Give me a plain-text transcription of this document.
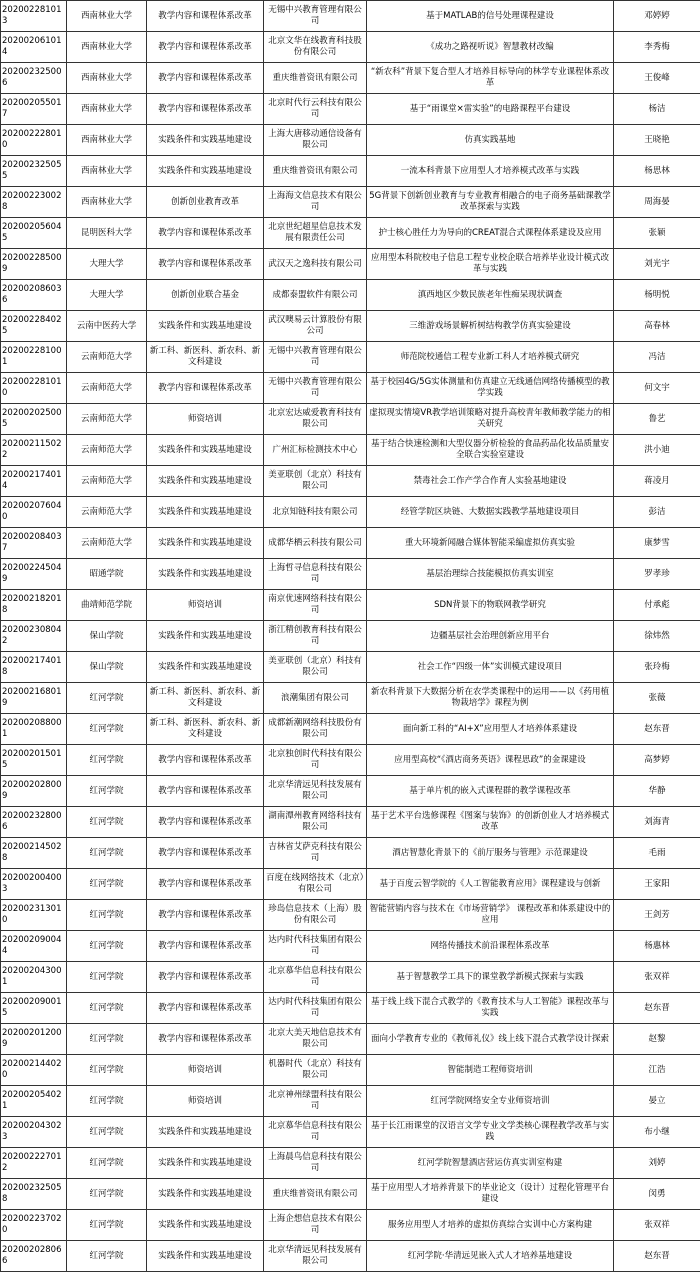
202002281013	西南林业大学	教学内容和课程体系改革	无锡中兴教育管理有限公司	基于MATLAB的信号处理课程建设	邓婷婷
202002061014	西南林业大学	教学内容和课程体系改革	北京文华在线教育科技股份有限公司	《成功之路视听说》智慧教材改编	李秀梅
202002325006	西南林业大学	教学内容和课程体系改革	重庆维普资讯有限公司	“新农科”背景下复合型人才培养目标导向的林学专业课程体系改革	王俊峰
202002055017	西南林业大学	教学内容和课程体系改革	北京时代行云科技有限公司	基于“雨课堂×雷实验”的电路课程平台建设	杨洁
202002228010	西南林业大学	实践条件和实践基地建设	上海大唐移动通信设备有限公司	仿真实践基地	王晓艳
202002325055	西南林业大学	实践条件和实践基地建设	重庆维普资讯有限公司	一流本科背景下应用型人才培养模式改革与实践	杨思林
202002230028	西南林业大学	创新创业教育改革	上海海文信息技术有限公司	5G背景下创新创业教育与专业教育相融合的电子商务基础课教学改革探索与实践	周海晏
202002056045	昆明医科大学	教学内容和课程体系改革	北京世纪超星信息技术发展有限责任公司	护士核心胜任力为导向的CREAT混合式课程体系建设及应用	张颖
202002285009	大理大学	教学内容和课程体系改革	武汉天之逸科技有限公司	应用型本科院校电子信息工程专业校企联合培养毕业设计模式改革与实践	刘光宇
202002086036	大理大学	创新创业联合基金	成都泰盟软件有限公司	滇西地区少数民族老年性痴呆现状调查	杨明悦
202002284025	云南中医药大学	实践条件和实践基地建设	武汉噢易云计算股份有限公司	三维游戏场景解析树结构教学仿真实验建设	高春林
202002281001	云南师范大学	新工科、新医科、新农科、新文科建设	无锡中兴教育管理有限公司	师范院校通信工程专业新工科人才培养模式研究	冯洁
202002281010	云南师范大学	教学内容和课程体系改革	无锡中兴教育管理有限公司	基于校园4G/5G实体测量和仿真建立无线通信网络传播模型的教学实践	何文宇
202002025005	云南师范大学	师资培训	北京宏达威爱教育科技有限公司	虚拟现实情境VR教学培训策略对提升高校青年教师教学能力的相关研究	鲁艺
202002115022	云南师范大学	实践条件和实践基地建设	广州汇标检测技术中心	基于结合快速检测和大型仪器分析检验的食品药品化妆品质量安全联合实验室建设	洪小迪
202002174014	云南师范大学	实践条件和实践基地建设	美亚联创（北京）科技有限公司	禁毒社会工作产学合作育人实验基地建设	蒋凌月
202002076040	云南师范大学	实践条件和实践基地建设	北京知链科技有限公司	经管学院区块链、大数据实践教学基地建设项目	彭洁
202002084037	云南师范大学	实践条件和实践基地建设	成都华栖云科技有限公司	重大环境新闻融合媒体智能采编虚拟仿真实验	康梦雪
202002245049	昭通学院	实践条件和实践基地建设	上海哲寻信息科技有限公司	基层治理综合技能模拟仿真实训室	罗孝珍
202002182018	曲靖师范学院	师资培训	南京优速网络科技有限公司	SDN背景下的物联网教学研究	付承彪
202002308042	保山学院	实践条件和实践基地建设	浙江精创教育科技有限公司	边疆基层社会治理创新应用平台	徐炜然
202002174018	保山学院	实践条件和实践基地建设	美亚联创（北京）科技有限公司	社会工作“四级一体”实训模式建设项目	张玲梅
202002168019	红河学院	新工科、新医科、新农科、新文科建设	浪潮集团有限公司	新农科背景下大数据分析在农学类课程中的运用——以《药用植物栽培学》课程为例	张薇
202002088001	红河学院	新工科、新医科、新农科、新文科建设	成都新潮网络科技股份有限公司	面向新工科的“AI+X”应用型人才培养体系建设	赵东晋
202002015015	红河学院	教学内容和课程体系改革	北京独创时代科技有限公司	应用型高校“《酒店商务英语》课程思政”的金课建设	高梦婷
202002028009	红河学院	教学内容和课程体系改革	北京华清远见科技发展有限公司	基于单片机的嵌入式课程群的教学课程改革	华静
202002328006	红河学院	教学内容和课程体系改革	湖南潭州教育网络科技有限公司	基于艺术平台选修课程《图案与装饰》的创新创业人才培养模式改革	刘海青
202002145028	红河学院	教学内容和课程体系改革	吉林省艾萨克科技有限公司	酒店智慧化背景下的《前厅服务与管理》示范课建设	毛雨
202002004003	红河学院	教学内容和课程体系改革	百度在线网络技术（北京）有限公司	基于百度云智学院的《人工智能教育应用》课程建设与创新	王家阳
202002313010	红河学院	教学内容和课程体系改革	珍岛信息技术（上海）股份有限公司	智能营销内容与技术在《市场营销学》 课程改革和体系建设中的应用	王剑芳
202002090044	红河学院	教学内容和课程体系改革	达内时代科技集团有限公司	网络传播技术前沿课程体系改革	杨惠林
202002043001	红河学院	教学内容和课程体系改革	北京慕华信息科技有限公司	基于智慧教学工具下的课堂教学新模式探索与实践	张双祥
202002090015	红河学院	教学内容和课程体系改革	达内时代科技集团有限公司	基于线上线下混合式教学的《教育技术与人工智能》课程改革与实践	赵东晋
202002012009	红河学院	教学内容和课程体系改革	北京大美天地信息技术有限公司	面向小学教育专业的《教师礼仪》线上线下混合式教学设计探索	赵黎
202002144020	红河学院	师资培训	机器时代（北京）科技有限公司	智能制造工程师资培训	江浩
202002054021	红河学院	师资培训	北京神州绿盟科技有限公司	红河学院网络安全专业师资培训	晏立
202002043023	红河学院	实践条件和实践基地建设	北京慕华信息科技有限公司	基于长江雨课堂的汉语言文学专业文学类核心课程教学改革与实践	布小继
202002227012	红河学院	实践条件和实践基地建设	上海晨鸟信息科技有限公司	红河学院智慧酒店营运仿真实训室构建	刘婷
202002325058	红河学院	实践条件和实践基地建设	重庆维普资讯有限公司	基于应用型人才培养背景下的毕业论文（设计）过程化管理平台建设	闵勇
202002237020	红河学院	实践条件和实践基地建设	上海企想信息技术有限公司	服务应用型人才培养的虚拟仿真综合实训中心方案构建	张双祥
202002028066	红河学院	实践条件和实践基地建设	北京华清远见科技发展有限公司	红河学院·华清远见嵌入式人才培养基地建设	赵东晋
